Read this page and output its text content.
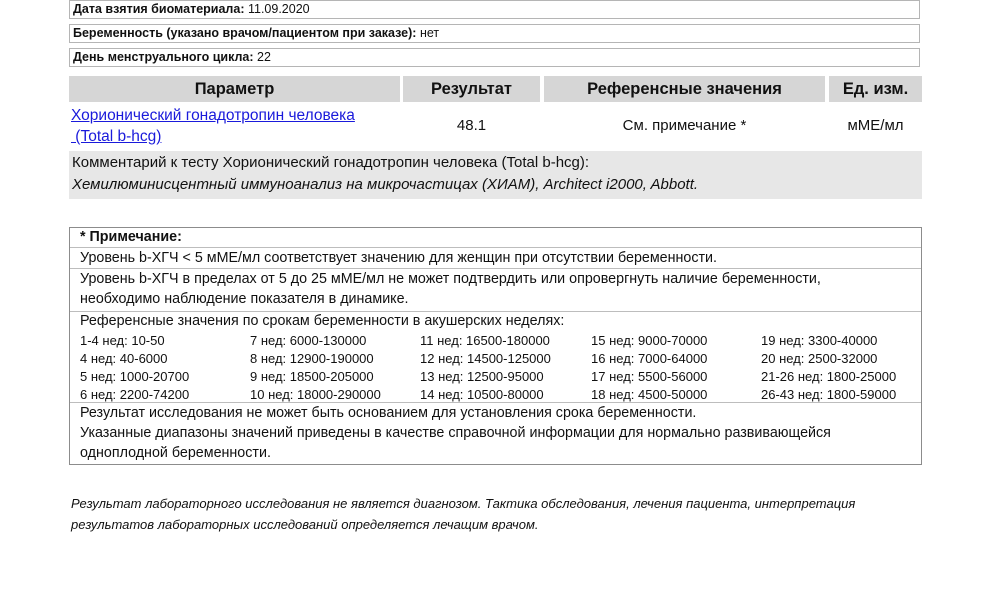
Дата взятия биоматериала: 11.09.2020
Беременность (указано врачом/пациентом при заказе): нет
День менструального цикла: 22
Параметр	Результат	Референсные значения	Ед. изм.
Хорионический гонадотропин человека
(Total b-hcg)
48.1	См. примечание *	мМЕ/мл
Комментарий к тесту Хорионический гонадотропин человека (Total b-hcg):
Хемилюминисцентный иммуноанализ на микрочастицах (ХИАМ), Architect i2000, Abbott.
* Примечание:
Уровень b-ХГЧ < 5 мМЕ/мл соответствует значению для женщин при отсутствии беременности.
Уровень b-ХГЧ в пределах от 5 до 25 мМЕ/мл не может подтвердить или опровергнуть наличие беременности,
необходимо наблюдение показателя в динамике.
Референсные значения по срокам беременности в акушерских неделях:
1-4 нед: 10-50	7 нед: 6000-130000	11 нед: 16500-180000	15 нед: 9000-70000	19 нед: 3300-40000
4 нед: 40-6000	8 нед: 12900-190000	12 нед: 14500-125000	16 нед: 7000-64000	20 нед: 2500-32000
5 нед: 1000-20700	9 нед: 18500-205000	13 нед: 12500-95000	17 нед: 5500-56000	21-26 нед: 1800-25000
6 нед: 2200-74200	10 нед: 18000-290000	14 нед: 10500-80000	18 нед: 4500-50000	26-43 нед: 1800-59000
Результат исследования не может быть основанием для установления срока беременности.
Указанные диапазоны значений приведены в качестве справочной информации для нормально развивающейся
одноплодной беременности.
Результат лабораторного исследования не является диагнозом. Тактика обследования, лечения пациента, интерпретация
результатов лабораторных исследований определяется лечащим врачом.
